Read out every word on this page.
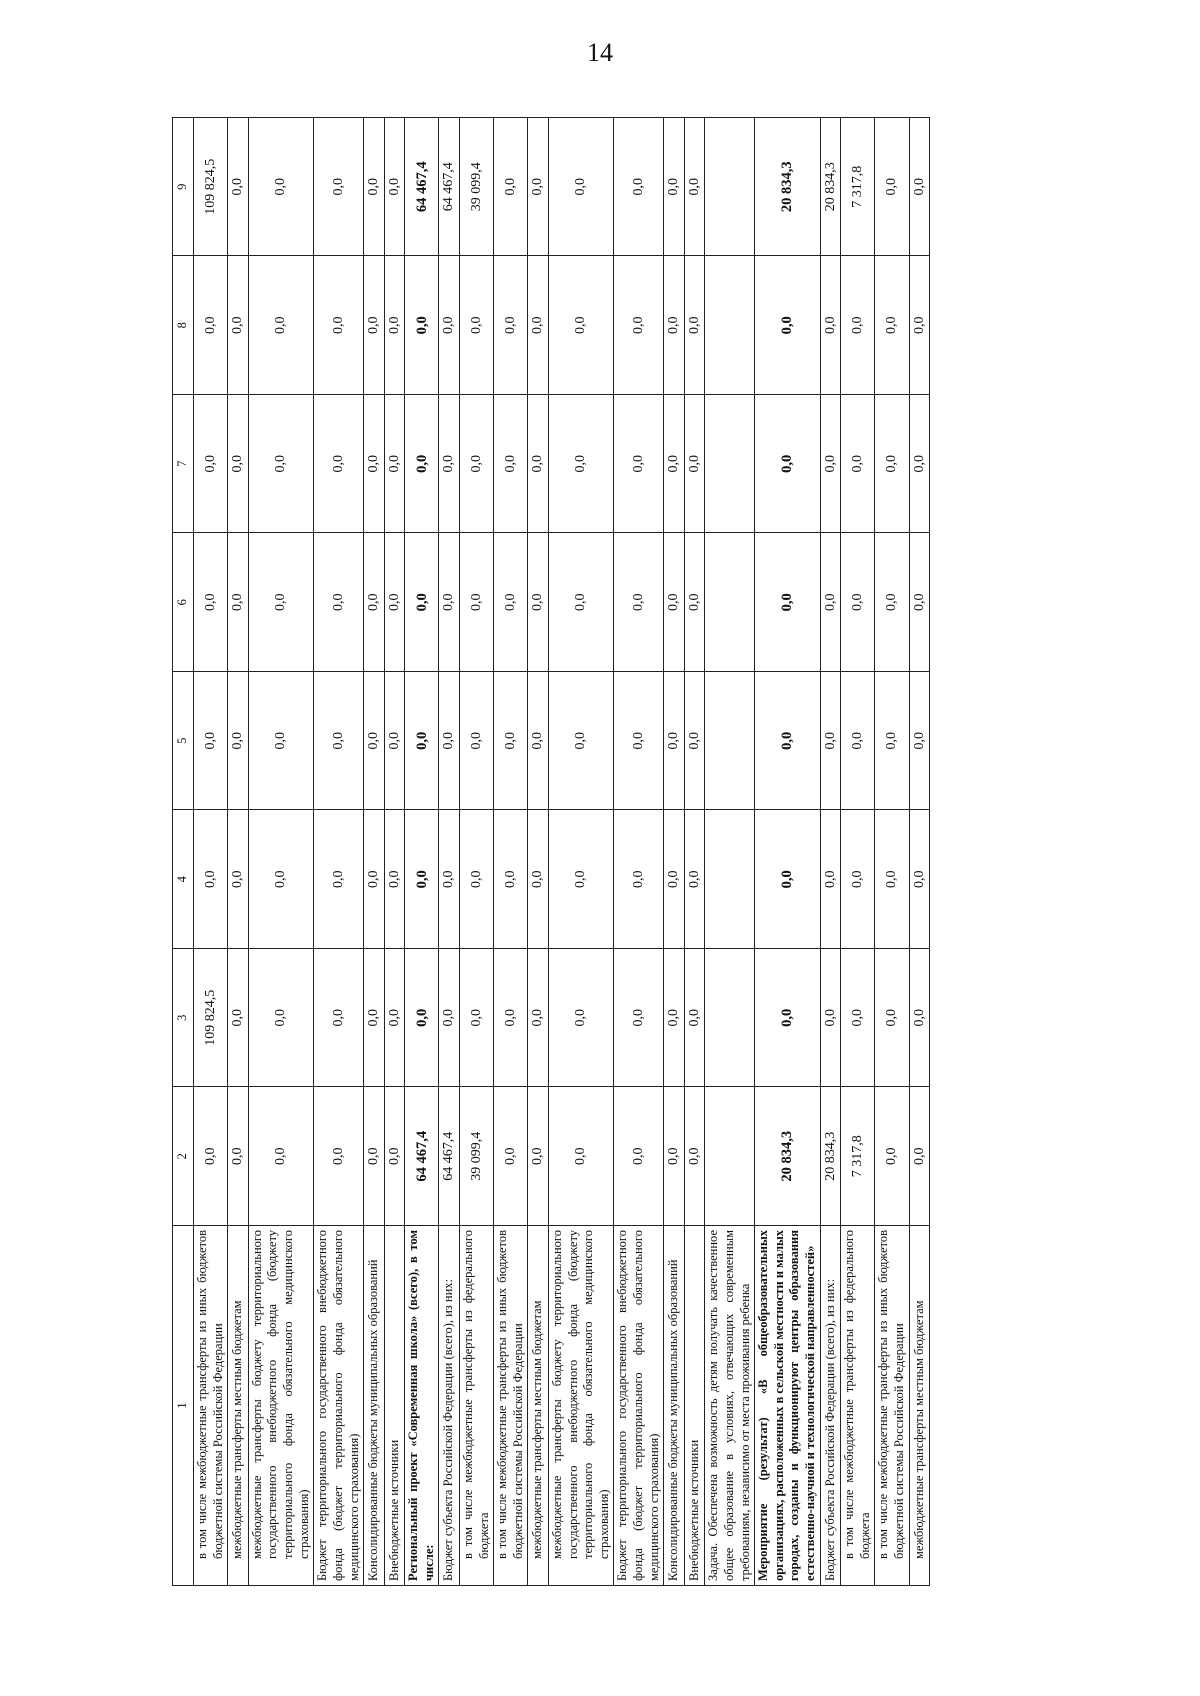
14
1	2	3	4	5	6	7	8	9
в том числе межбюджетные трансферты из иных бюджетов бюджетной системы Российской Федерации	0,0	109 824,5	0,0	0,0	0,0	0,0	0,0	109 824,5
межбюджетные трансферты местным бюджетам	0,0	0,0	0,0	0,0	0,0	0,0	0,0	0,0
межбюджетные трансферты бюджету территориального государственного внебюджетного фонда (бюджету территориального фонда обязательного медицинского страхования)	0,0	0,0	0,0	0,0	0,0	0,0	0,0	0,0
Бюджет территориального государственного внебюджетного фонда (бюджет территориального фонда обязательного медицинского страхования)	0,0	0,0	0,0	0,0	0,0	0,0	0,0	0,0
Консолидированные бюджеты муниципальных образований	0,0	0,0	0,0	0,0	0,0	0,0	0,0	0,0
Внебюджетные источники	0,0	0,0	0,0	0,0	0,0	0,0	0,0	0,0
Региональный проект «Современная школа» (всего), в том числе:	64 467,4	0,0	0,0	0,0	0,0	0,0	0,0	64 467,4
Бюджет субъекта Российской Федерации (всего), из них:	64 467,4	0,0	0,0	0,0	0,0	0,0	0,0	64 467,4
в том числе межбюджетные трансферты из федерального бюджета	39 099,4	0,0	0,0	0,0	0,0	0,0	0,0	39 099,4
в том числе межбюджетные трансферты из иных бюджетов бюджетной системы Российской Федерации	0,0	0,0	0,0	0,0	0,0	0,0	0,0	0,0
межбюджетные трансферты местным бюджетам	0,0	0,0	0,0	0,0	0,0	0,0	0,0	0,0
межбюджетные трансферты бюджету территориального государственного внебюджетного фонда (бюджету территориального фонда обязательного медицинского страхования)	0,0	0,0	0,0	0,0	0,0	0,0	0,0	0,0
Бюджет территориального государственного внебюджетного фонда (бюджет территориального фонда обязательного медицинского страхования)	0,0	0,0	0,0	0,0	0,0	0,0	0,0	0,0
Консолидированные бюджеты муниципальных образований	0,0	0,0	0,0	0,0	0,0	0,0	0,0	0,0
Внебюджетные источники	0,0	0,0	0,0	0,0	0,0	0,0	0,0	0,0
Задача. Обеспечена возможность детям получать качественное общее образование в условиях, отвечающих современным требованиям, независимо от места проживания ребенка								
Мероприятие (результат) «В общеобразовательных организациях, расположенных в сельской местности и малых городах, созданы и функционируют центры образования естественно-научной и технологической направленностей»	20 834,3	0,0	0,0	0,0	0,0	0,0	0,0	20 834,3
Бюджет субъекта Российской Федерации (всего), из них:	20 834,3	0,0	0,0	0,0	0,0	0,0	0,0	20 834,3
в том числе межбюджетные трансферты из федерального бюджета	7 317,8	0,0	0,0	0,0	0,0	0,0	0,0	7 317,8
в том числе межбюджетные трансферты из иных бюджетов бюджетной системы Российской Федерации	0,0	0,0	0,0	0,0	0,0	0,0	0,0	0,0
межбюджетные трансферты местным бюджетам	0,0	0,0	0,0	0,0	0,0	0,0	0,0	0,0
